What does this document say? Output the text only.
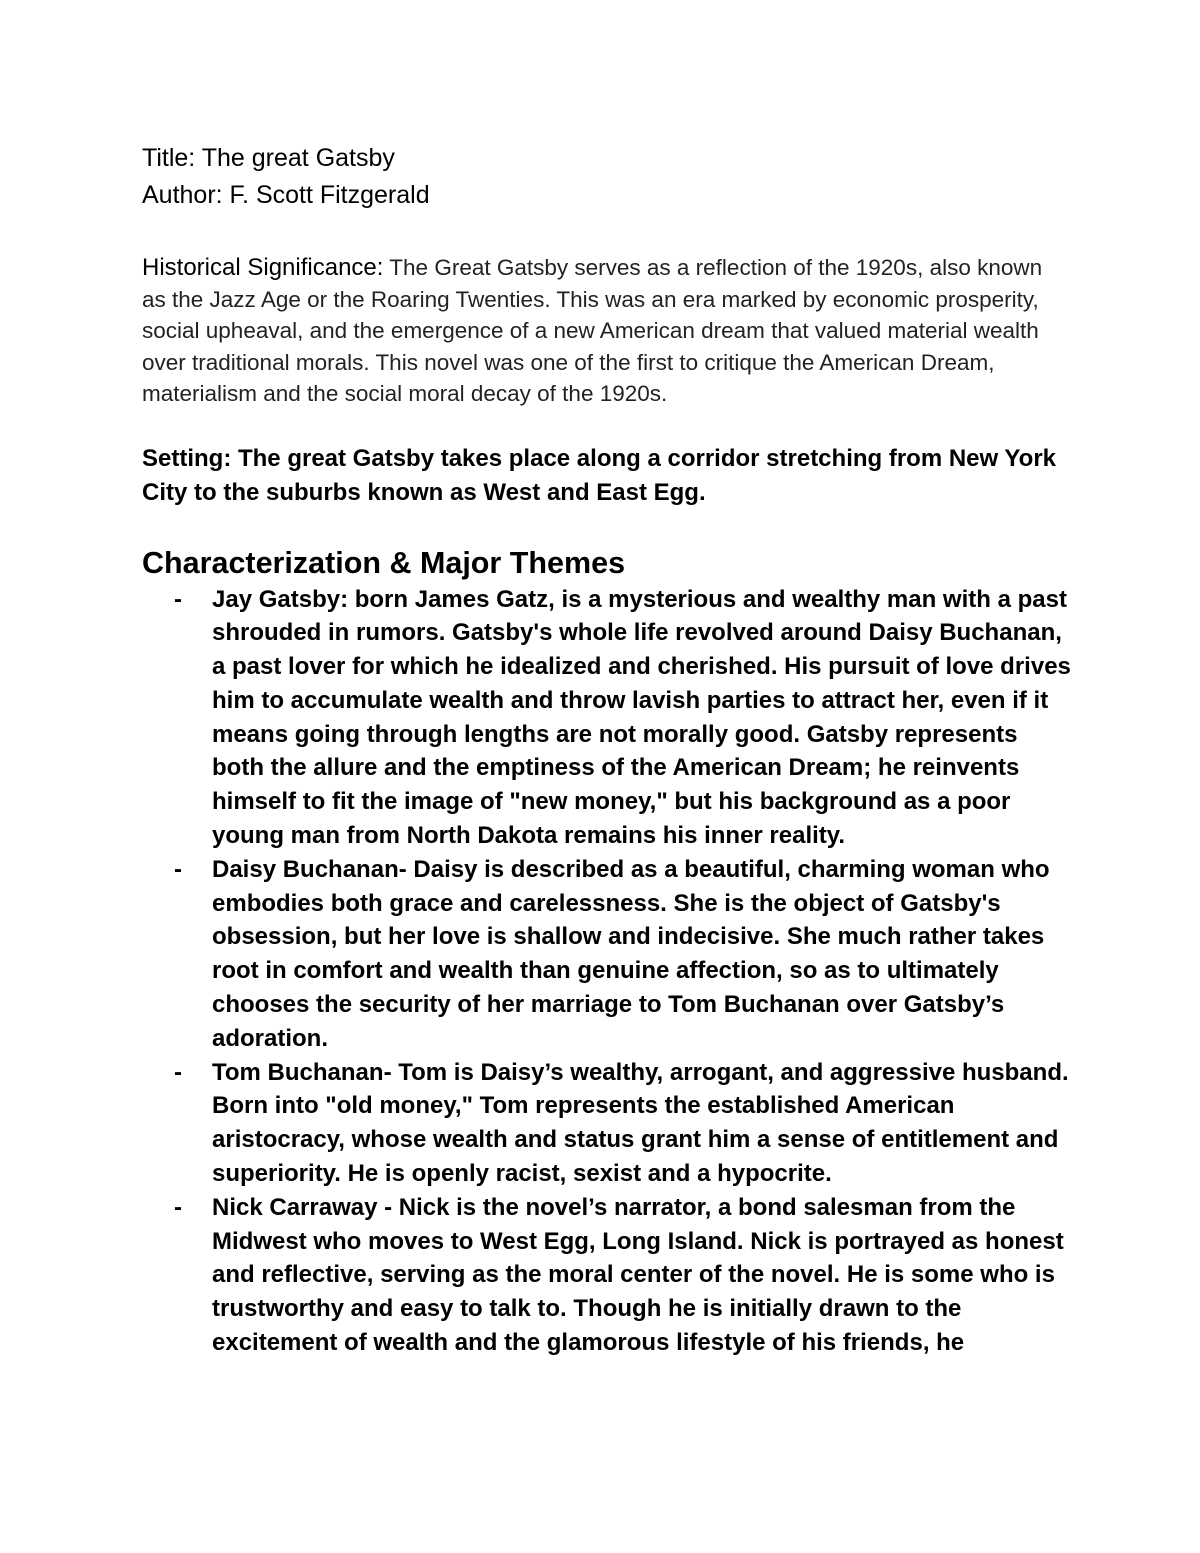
Title: The great Gatsby

Author: F. Scott Fitzgerald

Historical Significance: The Great Gatsby serves as a reflection of the 1920s, also known as the Jazz Age or the Roaring Twenties. This was an era marked by economic prosperity, social upheaval, and the emergence of a new American dream that valued material wealth over traditional morals. This novel was one of the first to critique the American Dream, materialism and the social moral decay of the 1920s.

Setting: The great Gatsby takes place along a corridor stretching from New York City to the suburbs known as West and East Egg.

Characterization & Major Themes
- Jay Gatsby: born James Gatz, is a mysterious and wealthy man with a past shrouded in rumors. Gatsby's whole life revolved around Daisy Buchanan, a past lover for which he idealized and cherished. His pursuit of love drives him to accumulate wealth and throw lavish parties to attract her, even if it means going through lengths are not morally good. Gatsby represents both the allure and the emptiness of the American Dream; he reinvents himself to fit the image of "new money," but his background as a poor young man from North Dakota remains his inner reality.
- Daisy Buchanan- Daisy is described as a beautiful, charming woman who embodies both grace and carelessness. She is the object of Gatsby's obsession, but her love is shallow and indecisive. She much rather takes root in comfort and wealth than genuine affection, so as to ultimately chooses the security of her marriage to Tom Buchanan over Gatsby’s adoration.
- Tom Buchanan- Tom is Daisy’s wealthy, arrogant, and aggressive husband. Born into "old money," Tom represents the established American aristocracy, whose wealth and status grant him a sense of entitlement and superiority. He is openly racist, sexist and a hypocrite.
- Nick Carraway - Nick is the novel’s narrator, a bond salesman from the Midwest who moves to West Egg, Long Island. Nick is portrayed as honest and reflective, serving as the moral center of the novel. He is some who is trustworthy and easy to talk to. Though he is initially drawn to the excitement of wealth and the glamorous lifestyle of his friends, he
